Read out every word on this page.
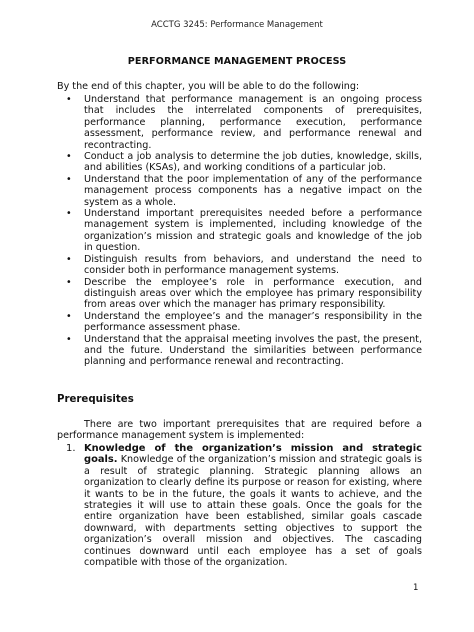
ACCTG 3245: Performance Management
PERFORMANCE MANAGEMENT PROCESS
By the end of this chapter, you will be able to do the following:
• Understand that performance management is an ongoing process that includes the interrelated components of prerequisites, performance planning, performance execution, performance assessment, performance review, and performance renewal and recontracting.
• Conduct a job analysis to determine the job duties, knowledge, skills, and abilities (KSAs), and working conditions of a particular job.
• Understand that the poor implementation of any of the performance management process components has a negative impact on the system as a whole.
• Understand important prerequisites needed before a performance management system is implemented, including knowledge of the organization’s mission and strategic goals and knowledge of the job in question.
• Distinguish results from behaviors, and understand the need to consider both in performance management systems.
• Describe the employee’s role in performance execution, and distinguish areas over which the employee has primary responsibility from areas over which the manager has primary responsibility.
• Understand the employee’s and the manager’s responsibility in the performance assessment phase.
• Understand that the appraisal meeting involves the past, the present, and the future. Understand the similarities between performance planning and performance renewal and recontracting.
Prerequisites
There are two important prerequisites that are required before a performance management system is implemented:
1. Knowledge of the organization’s mission and strategic goals. Knowledge of the organization’s mission and strategic goals is a result of strategic planning. Strategic planning allows an organization to clearly define its purpose or reason for existing, where it wants to be in the future, the goals it wants to achieve, and the strategies it will use to attain these goals. Once the goals for the entire organization have been established, similar goals cascade downward, with departments setting objectives to support the organization’s overall mission and objectives. The cascading continues downward until each employee has a set of goals compatible with those of the organization.
1
